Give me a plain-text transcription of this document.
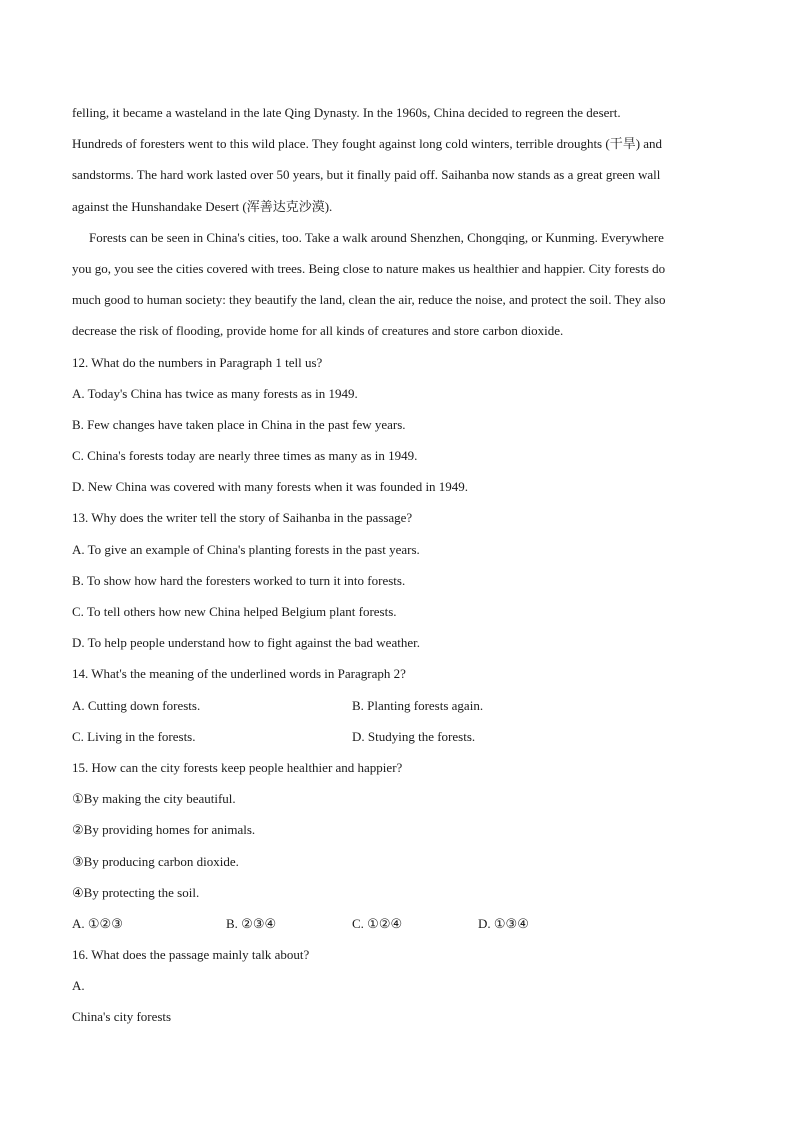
felling, it became a wasteland in the late Qing Dynasty. In the 1960s, China decided to regreen the desert.
Hundreds of foresters went to this wild place. They fought against long cold winters, terrible droughts (干旱) and
sandstorms. The hard work lasted over 50 years, but it finally paid off. Saihanba now stands as a great green wall
against the Hunshandake Desert (浑善达克沙漠).
Forests can be seen in China's cities, too. Take a walk around Shenzhen, Chongqing, or Kunming. Everywhere
you go, you see the cities covered with trees. Being close to nature makes us healthier and happier. City forests do
much good to human society: they beautify the land, clean the air, reduce the noise, and protect the soil. They also
decrease the risk of flooding, provide home for all kinds of creatures and store carbon dioxide.
12. What do the numbers in Paragraph 1 tell us?
A. Today's China has twice as many forests as in 1949.
B. Few changes have taken place in China in the past few years.
C. China's forests today are nearly three times as many as in 1949.
D. New China was covered with many forests when it was founded in 1949.
13. Why does the writer tell the story of Saihanba in the passage?
A. To give an example of China's planting forests in the past years.
B. To show how hard the foresters worked to turn it into forests.
C. To tell others how new China helped Belgium plant forests.
D. To help people understand how to fight against the bad weather.
14. What's the meaning of the underlined words in Paragraph 2?
A. Cutting down forests.	B. Planting forests again.
C. Living in the forests.	D. Studying the forests.
15. How can the city forests keep people healthier and happier?
①By making the city beautiful.
②By providing homes for animals.
③By producing carbon dioxide.
④By protecting the soil.
A. ①②③	B. ②③④	C. ①②④	D. ①③④
16. What does the passage mainly talk about?
A.
China's city forests
